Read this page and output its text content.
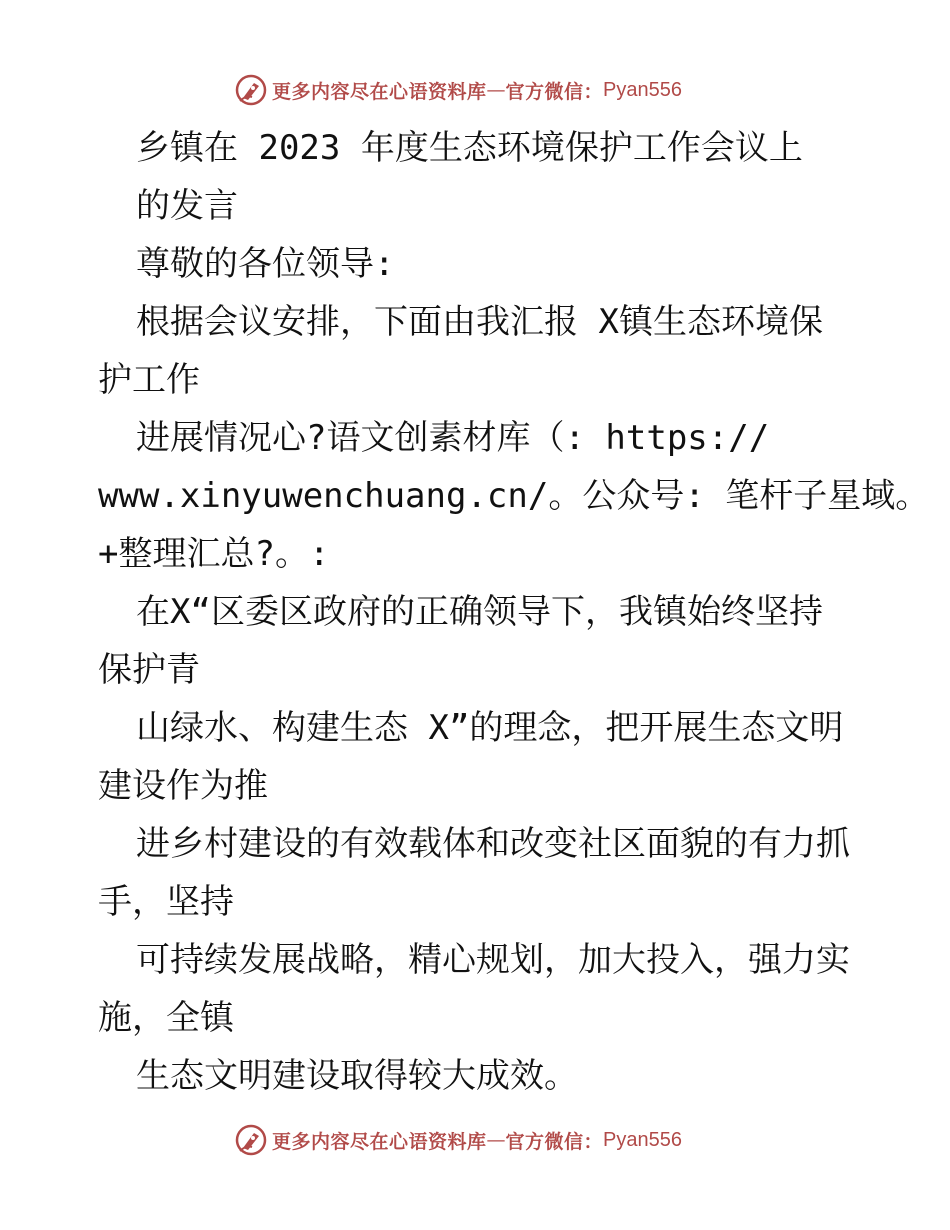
更多内容尽在心语资料库 — 官方微信： Pyan556
乡镇在 2023 年度生态环境保护工作会议上
的发言
尊敬的各位领导:
根据会议安排，下面由我汇报 X镇生态环境保
护工作
进展情况心?语文创素材库（: https://
www.xinyuwenchuang.cn/。公众号: 笔杆子星域。
+整理汇总?。:
在X“区委区政府的正确领导下，我镇始终坚持
保护青
山绿水、构建生态 X”的理念，把开展生态文明
建设作为推
进乡村建设的有效载体和改变社区面貌的有力抓
手，坚持
可持续发展战略，精心规划，加大投入，强力实
施，全镇
生态文明建设取得较大成效。
更多内容尽在心语资料库 — 官方微信： Pyan556
